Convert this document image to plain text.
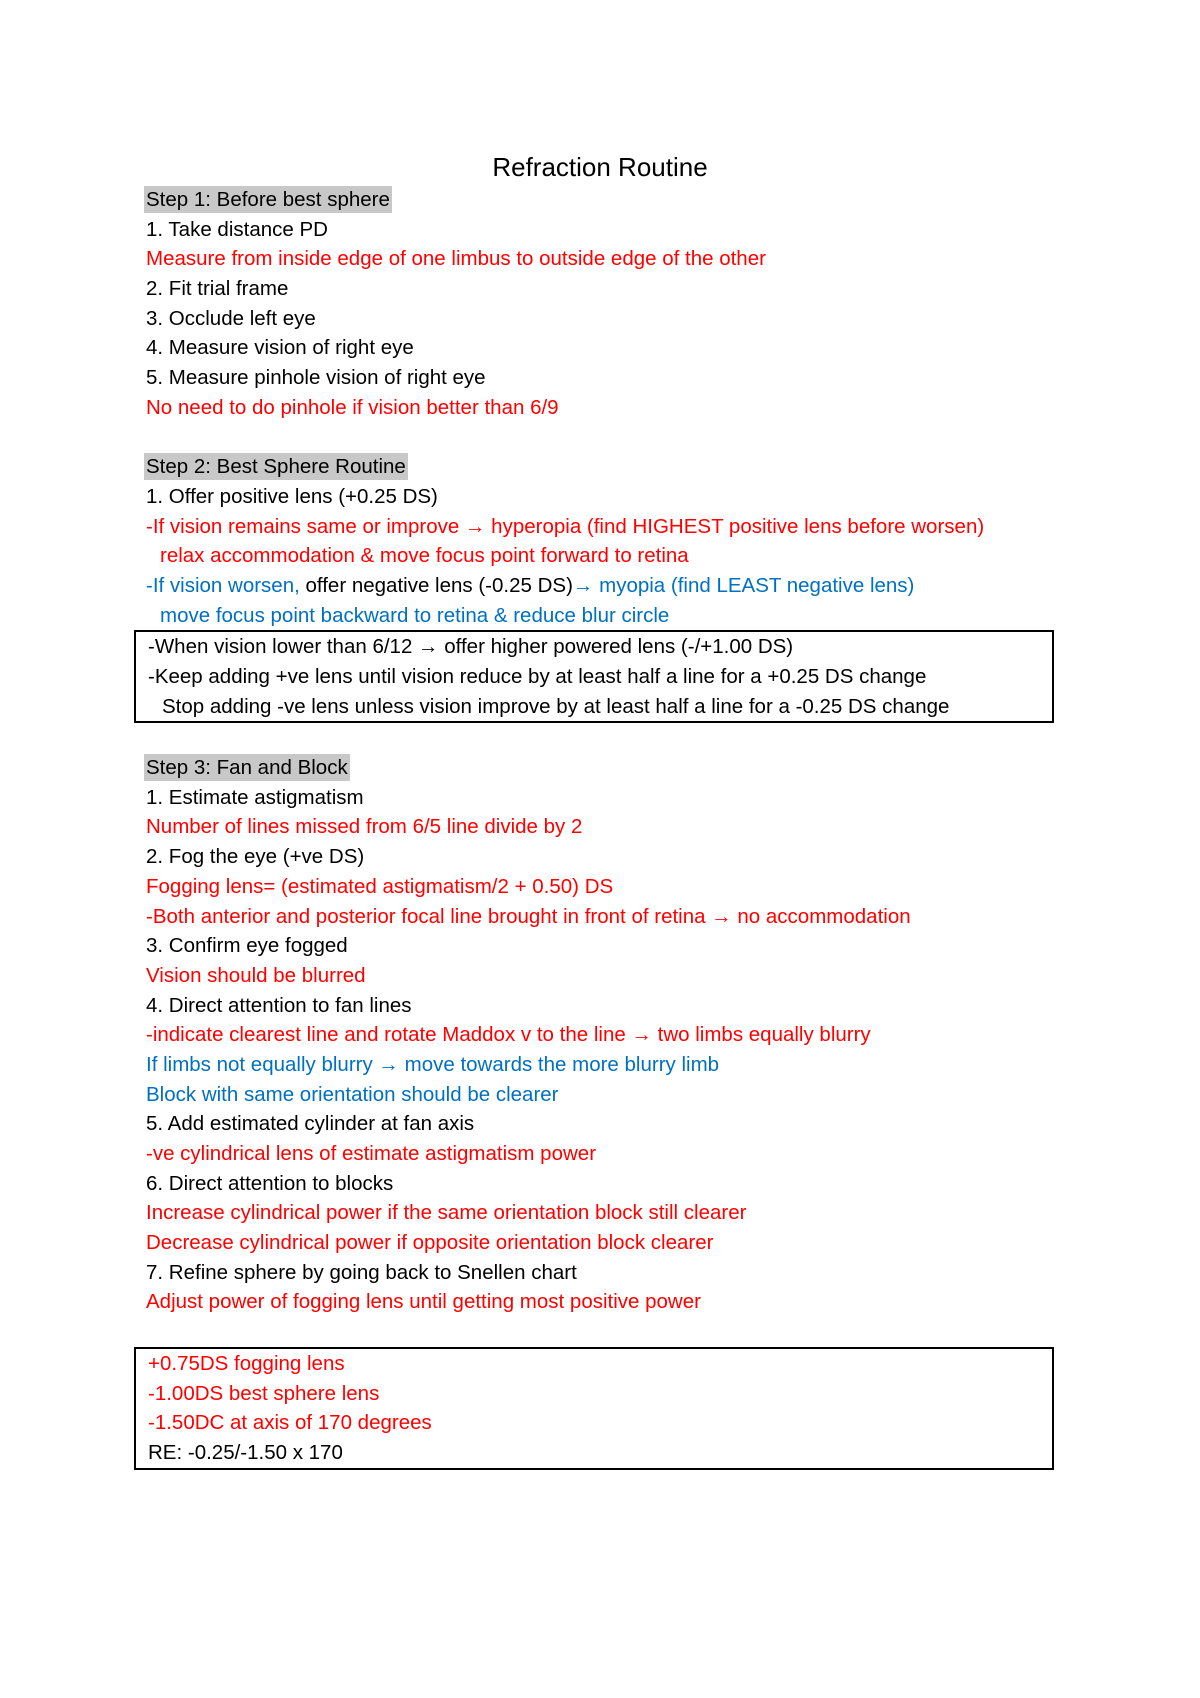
Refraction Routine
Step 1: Before best sphere
1. Take distance PD
Measure from inside edge of one limbus to outside edge of the other
2. Fit trial frame
3. Occlude left eye
4. Measure vision of right eye
5. Measure pinhole vision of right eye
No need to do pinhole if vision better than 6/9
Step 2: Best Sphere Routine
1. Offer positive lens (+0.25 DS)
-If vision remains same or improve → hyperopia (find HIGHEST positive lens before worsen)
relax accommodation & move focus point forward to retina
-If vision worsen, offer negative lens (-0.25 DS)→ myopia (find LEAST negative lens)
move focus point backward to retina & reduce blur circle
-When vision lower than 6/12 → offer higher powered lens (-/+1.00 DS)
-Keep adding +ve lens until vision reduce by at least half a line for a +0.25 DS change
Stop adding -ve lens unless vision improve by at least half a line for a -0.25 DS change
Step 3: Fan and Block
1. Estimate astigmatism
Number of lines missed from 6/5 line divide by 2
2. Fog the eye (+ve DS)
Fogging lens= (estimated astigmatism/2 + 0.50) DS
-Both anterior and posterior focal line brought in front of retina → no accommodation
3. Confirm eye fogged
Vision should be blurred
4. Direct attention to fan lines
-indicate clearest line and rotate Maddox v to the line → two limbs equally blurry
If limbs not equally blurry → move towards the more blurry limb
Block with same orientation should be clearer
5. Add estimated cylinder at fan axis
-ve cylindrical lens of estimate astigmatism power
6. Direct attention to blocks
Increase cylindrical power if the same orientation block still clearer
Decrease cylindrical power if opposite orientation block clearer
7. Refine sphere by going back to Snellen chart
Adjust power of fogging lens until getting most positive power
+0.75DS fogging lens
-1.00DS best sphere lens
-1.50DC at axis of 170 degrees
RE: -0.25/-1.50 x 170
